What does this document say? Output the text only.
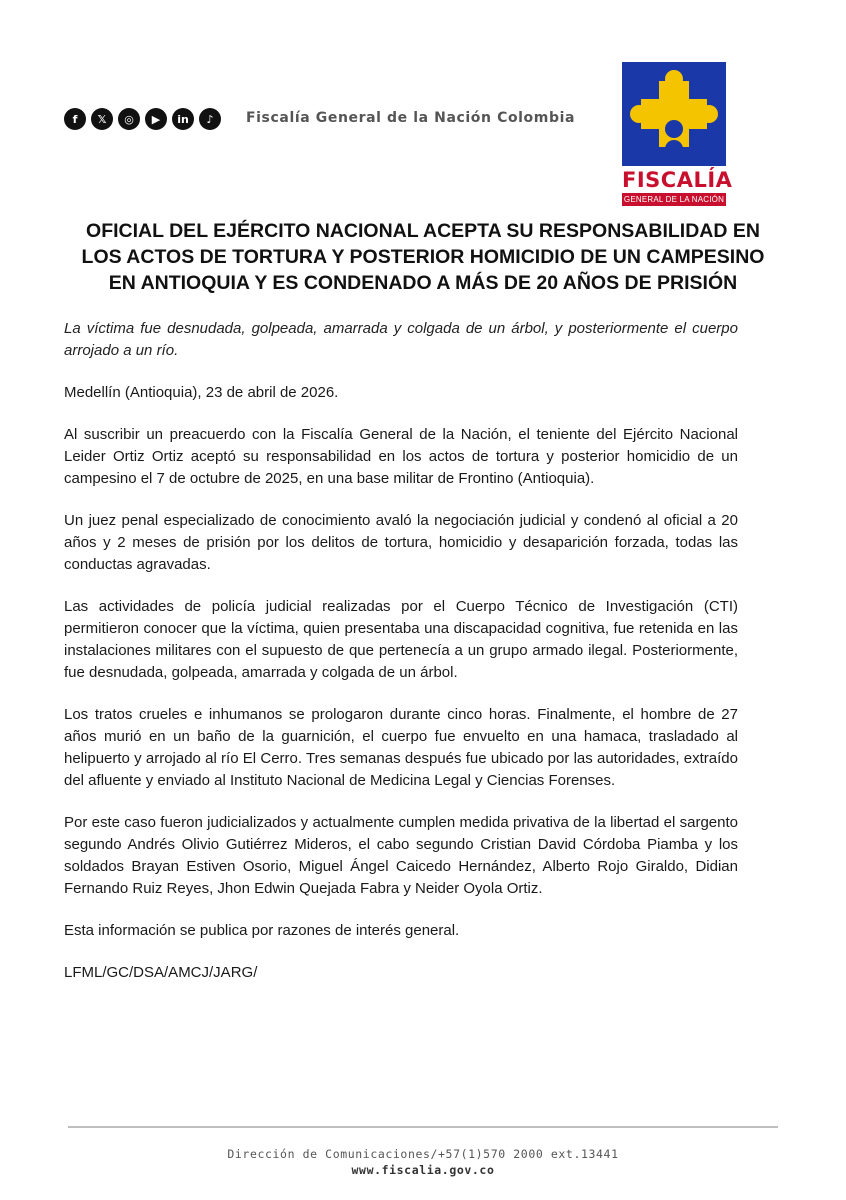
f	𝕏	◎	▶	in	♪	Fiscalía General de la Nación Colombia
FISCALÍA
GENERAL DE LA NACIÓN
OFICIAL DEL EJÉRCITO NACIONAL ACEPTA SU RESPONSABILIDAD EN
LOS ACTOS DE TORTURA Y POSTERIOR HOMICIDIO DE UN CAMPESINO
EN ANTIOQUIA Y ES CONDENADO A MÁS DE 20 AÑOS DE PRISIÓN

La víctima fue desnudada, golpeada, amarrada y colgada de un árbol, y posteriormente el cuerpo arrojado a un río.

Medellín (Antioquia), 23 de abril de 2026.

Al suscribir un preacuerdo con la Fiscalía General de la Nación, el teniente del Ejército Nacional Leider Ortiz Ortiz aceptó su responsabilidad en los actos de tortura y posterior homicidio de un campesino el 7 de octubre de 2025, en una base militar de Frontino (Antioquia).

Un juez penal especializado de conocimiento avaló la negociación judicial y condenó al oficial a 20 años y 2 meses de prisión por los delitos de tortura, homicidio y desaparición forzada, todas las conductas agravadas.

Las actividades de policía judicial realizadas por el Cuerpo Técnico de Investigación (CTI) permitieron conocer que la víctima, quien presentaba una discapacidad cognitiva, fue retenida en las instalaciones militares con el supuesto de que pertenecía a un grupo armado ilegal. Posteriormente, fue desnudada, golpeada, amarrada y colgada de un árbol.

Los tratos crueles e inhumanos se prologaron durante cinco horas. Finalmente, el hombre de 27 años murió en un baño de la guarnición, el cuerpo fue envuelto en una hamaca, trasladado al helipuerto y arrojado al río El Cerro. Tres semanas después fue ubicado por las autoridades, extraído del afluente y enviado al Instituto Nacional de Medicina Legal y Ciencias Forenses.

Por este caso fueron judicializados y actualmente cumplen medida privativa de la libertad el sargento segundo Andrés Olivio Gutiérrez Mideros, el cabo segundo Cristian David Córdoba Piamba y los soldados Brayan Estiven Osorio, Miguel Ángel Caicedo Hernández, Alberto Rojo Giraldo, Didian Fernando Ruiz Reyes, Jhon Edwin Quejada Fabra y Neider Oyola Ortiz.

Esta información se publica por razones de interés general.

LFML/GC/DSA/AMCJ/JARG/

Dirección de Comunicaciones/+57(1)570 2000 ext.13441
www.fiscalia.gov.co
